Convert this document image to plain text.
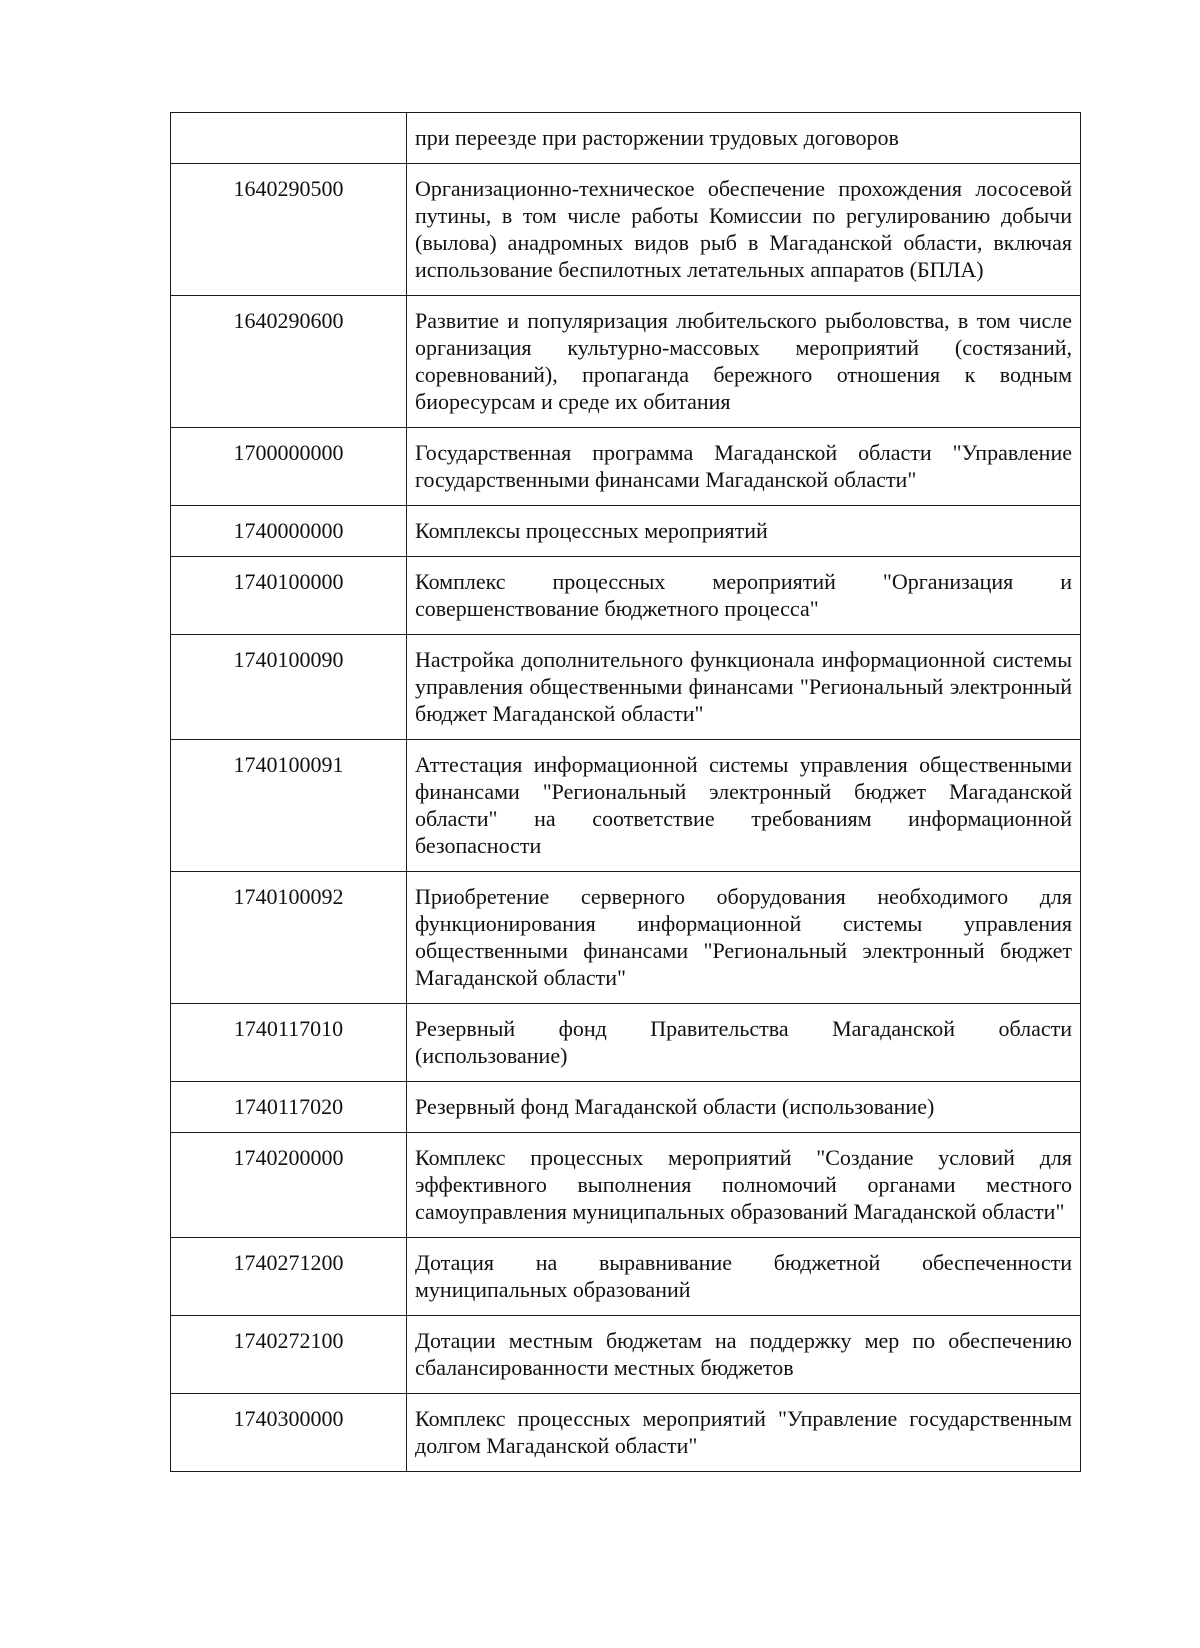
	при переезде при расторжении трудовых договоров
1640290500	Организационно-техническое обеспечение прохождения лососевой путины, в том числе работы Комиссии по регулированию добычи (вылова) анадромных видов рыб в Магаданской области, включая использование беспилотных летательных аппаратов (БПЛА)
1640290600	Развитие и популяризация любительского рыболовства, в том числе организация культурно-массовых мероприятий (состязаний, соревнований), пропаганда бережного отношения к водным биоресурсам и среде их обитания
1700000000	Государственная программа Магаданской области "Управление государственными финансами Магаданской области"
1740000000	Комплексы процессных мероприятий
1740100000	Комплекс процессных мероприятий "Организация и совершенствование бюджетного процесса"
1740100090	Настройка дополнительного функционала информационной системы управления общественными финансами "Региональный электронный бюджет Магаданской области"
1740100091	Аттестация информационной системы управления общественными финансами "Региональный электронный бюджет Магаданской области" на соответствие требованиям информационной безопасности
1740100092	Приобретение серверного оборудования необходимого для функционирования информационной системы управления общественными финансами "Региональный электронный бюджет Магаданской области"
1740117010	Резервный фонд Правительства Магаданской области (использование)
1740117020	Резервный фонд Магаданской области (использование)
1740200000	Комплекс процессных мероприятий "Создание условий для эффективного выполнения полномочий органами местного самоуправления муниципальных образований Магаданской области"
1740271200	Дотация на выравнивание бюджетной обеспеченности муниципальных образований
1740272100	Дотации местным бюджетам на поддержку мер по обеспечению сбалансированности местных бюджетов
1740300000	Комплекс процессных мероприятий "Управление государственным долгом Магаданской области"
